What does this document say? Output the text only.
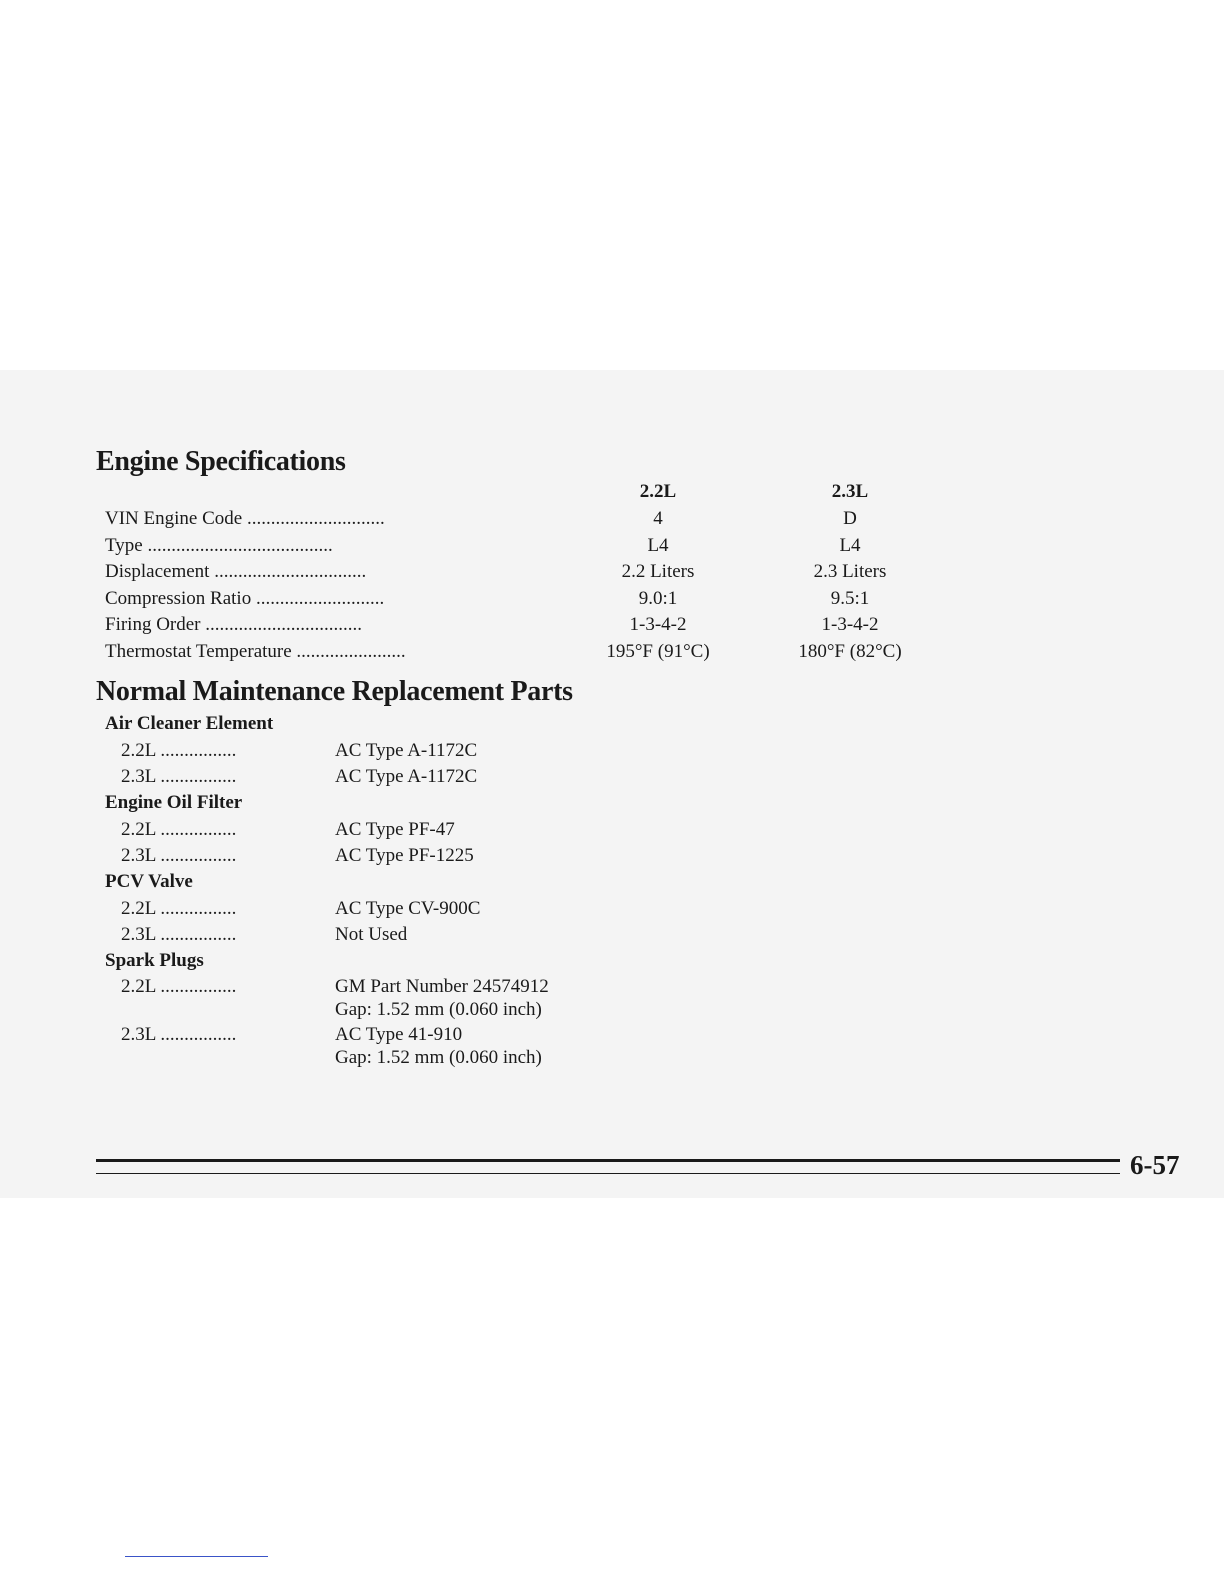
Engine Specifications
2.2L	2.3L
VIN Engine Code .............................	4	D
Type .......................................	L4	L4
Displacement ................................	2.2 Liters	2.3 Liters
Compression Ratio ...........................	9.0:1	9.5:1
Firing Order .................................	1-3-4-2	1-3-4-2
Thermostat Temperature .......................	195°F (91°C)	180°F (82°C)
Normal Maintenance Replacement Parts
Air Cleaner Element
2.2L ................	AC Type A-1172C
2.3L ................	AC Type A-1172C
Engine Oil Filter
2.2L ................	AC Type PF-47
2.3L ................	AC Type PF-1225
PCV Valve
2.2L ................	AC Type CV-900C
2.3L ................	Not Used
Spark Plugs
2.2L ................	GM Part Number 24574912
Gap: 1.52 mm (0.060 inch)
2.3L ................	AC Type 41-910
Gap: 1.52 mm (0.060 inch)
6-57
